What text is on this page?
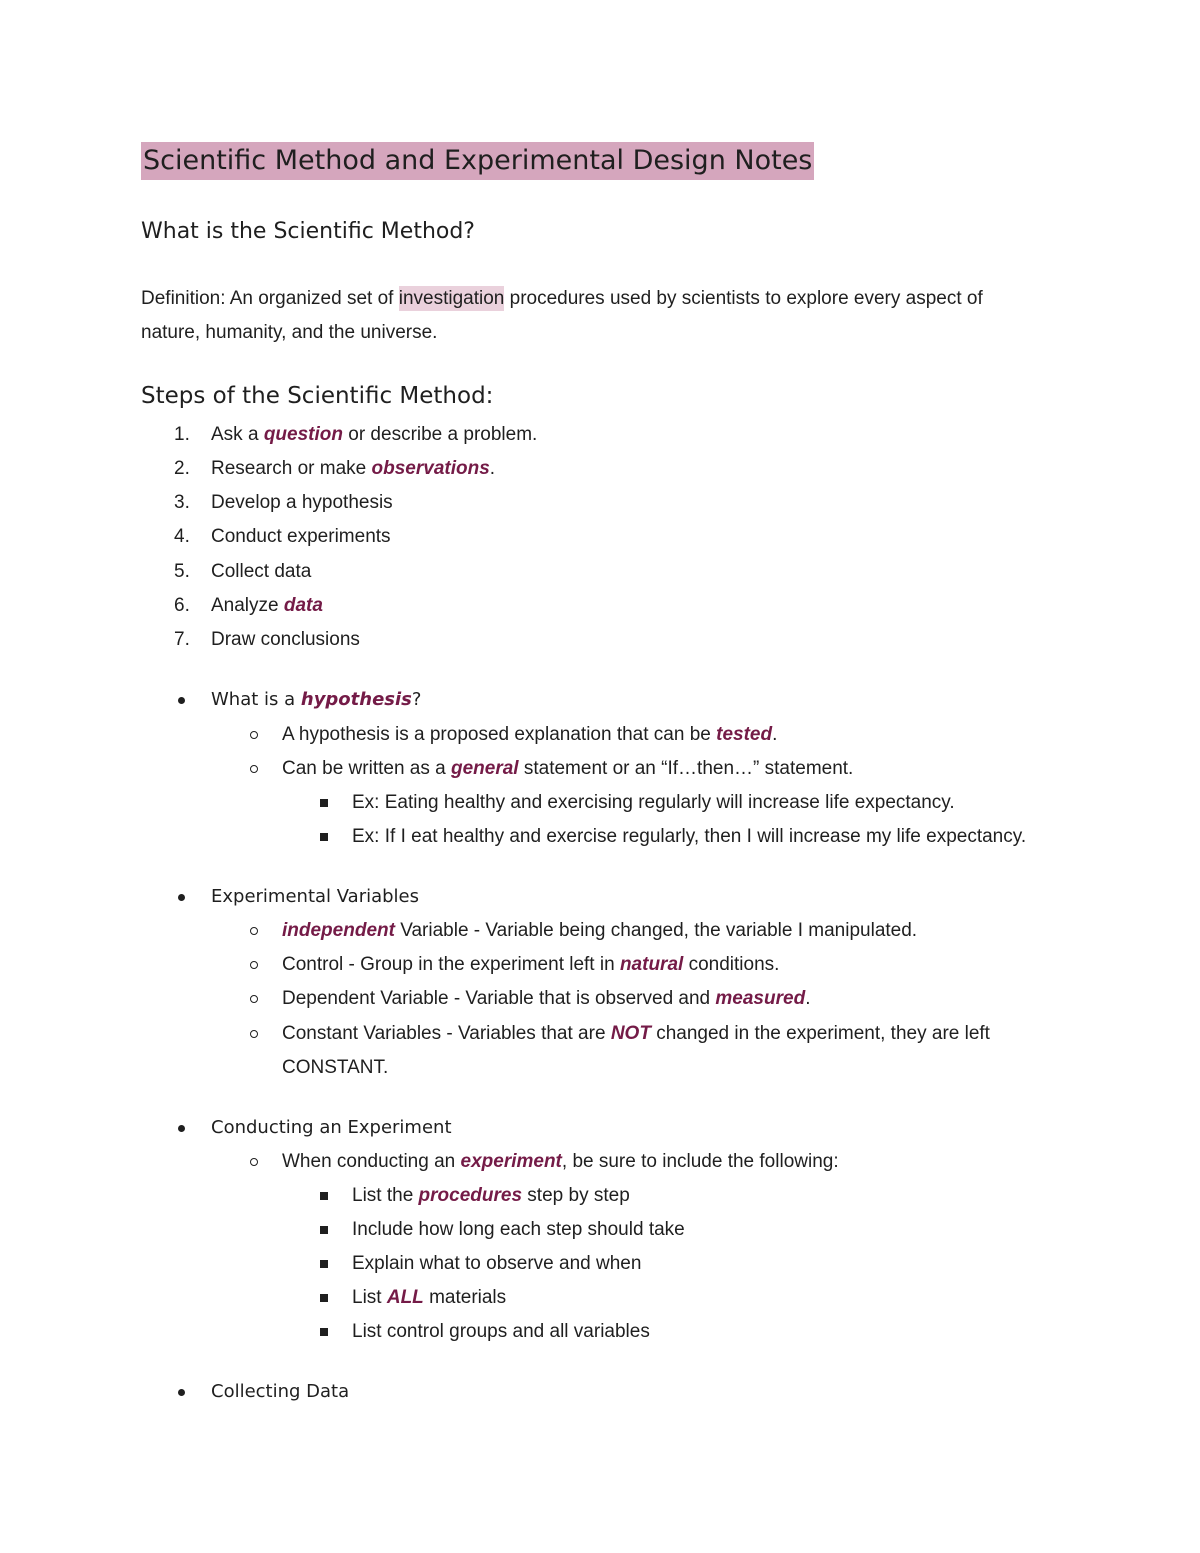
Scientific Method and Experimental Design Notes
What is the Scientific Method?

Definition: An organized set of investigation procedures used by scientists to explore every aspect of nature, humanity, and the universe.

Steps of the Scientific Method:
1. Ask a question or describe a problem.
2. Research or make observations.
3. Develop a hypothesis
4. Conduct experiments
5. Collect data
6. Analyze data
7. Draw conclusions
What is a hypothesis?
A hypothesis is a proposed explanation that can be tested.
Can be written as a general statement or an “If…then…” statement.
Ex: Eating healthy and exercising regularly will increase life expectancy.
Ex: If I eat healthy and exercise regularly, then I will increase my life expectancy.
Experimental Variables
independent Variable - Variable being changed, the variable I manipulated.
Control - Group in the experiment left in natural conditions.
Dependent Variable - Variable that is observed and measured.
Constant Variables - Variables that are NOT changed in the experiment, they are left
CONSTANT.
Conducting an Experiment
When conducting an experiment, be sure to include the following:
List the procedures step by step
Include how long each step should take
Explain what to observe and when
List ALL materials
List control groups and all variables
Collecting Data
